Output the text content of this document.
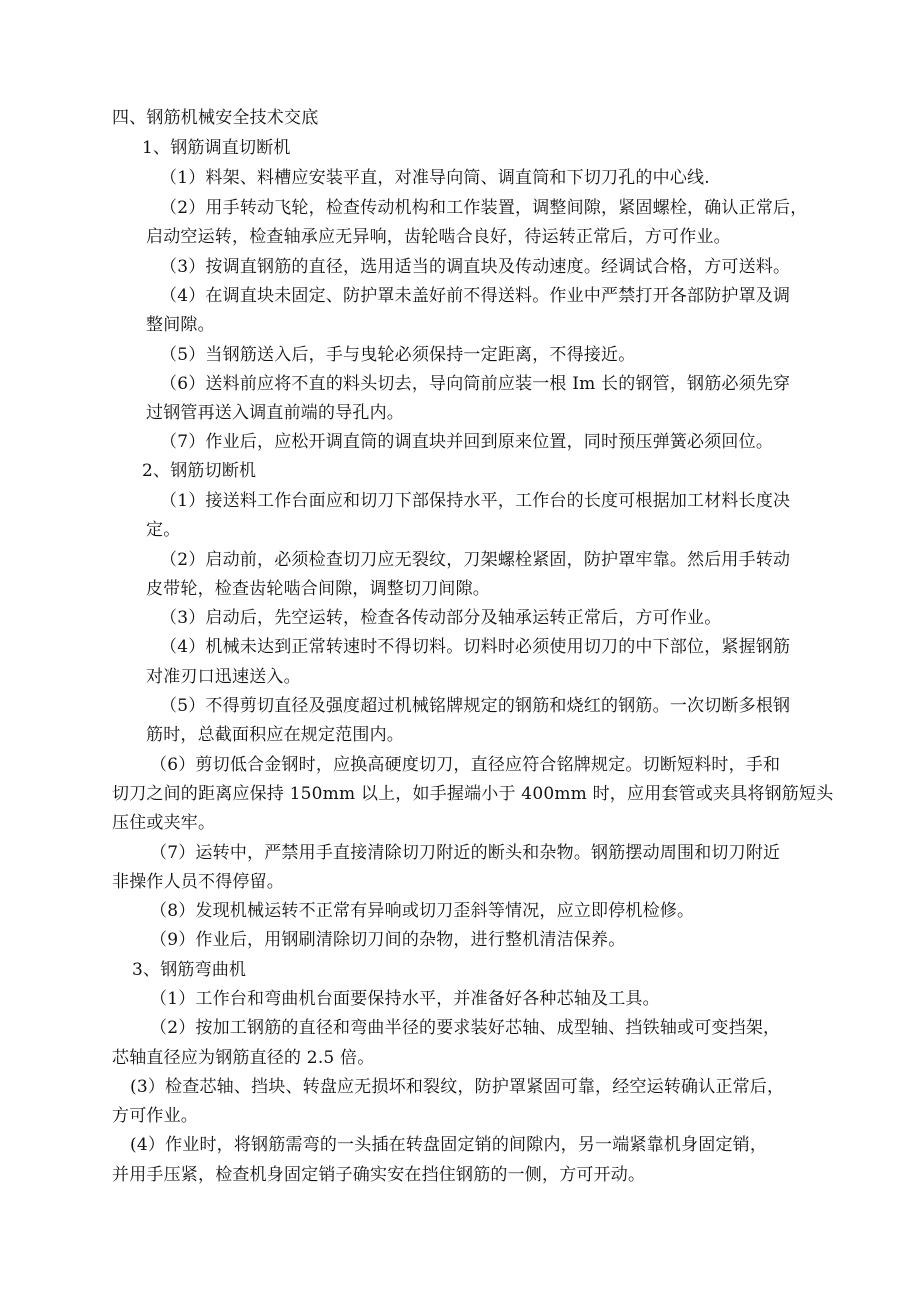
四、钢筋机械安全技术交底
1、钢筋调直切断机
（1）料架、料槽应安装平直，对准导向筒、调直筒和下切刀孔的中心线.
（2）用手转动飞轮，检查传动机构和工作装置，调整间隙，紧固螺栓，确认正常后，
启动空运转，检查轴承应无异响，齿轮啮合良好，待运转正常后，方可作业。
（3）按调直钢筋的直径，选用适当的调直块及传动速度。经调试合格，方可送料。
（4）在调直块未固定、防护罩未盖好前不得送料。作业中严禁打开各部防护罩及调
整间隙。
（5）当钢筋送入后，手与曳轮必须保持一定距离，不得接近。
（6）送料前应将不直的料头切去，导向筒前应装一根 Im 长的钢管，钢筋必须先穿
过钢管再送入调直前端的导孔内。
（7）作业后，应松开调直筒的调直块并回到原来位置，同时预压弹簧必须回位。
2、钢筋切断机
（1）接送料工作台面应和切刀下部保持水平，工作台的长度可根据加工材料长度决
定。
（2）启动前，必须检查切刀应无裂纹，刀架螺栓紧固，防护罩牢靠。然后用手转动
皮带轮，检查齿轮啮合间隙，调整切刀间隙。
（3）启动后，先空运转，检查各传动部分及轴承运转正常后，方可作业。
（4）机械未达到正常转速时不得切料。切料时必须使用切刀的中下部位，紧握钢筋
对准刃口迅速送入。
（5）不得剪切直径及强度超过机械铭牌规定的钢筋和烧红的钢筋。一次切断多根钢
筋时，总截面积应在规定范围内。
（6）剪切低合金钢时，应换高硬度切刀，直径应符合铭牌规定。切断短料时，手和
切刀之间的距离应保持 150mm 以上，如手握端小于 400mm 时，应用套管或夹具将钢筋短头
压住或夹牢。
（7）运转中，严禁用手直接清除切刀附近的断头和杂物。钢筋摆动周围和切刀附近
非操作人员不得停留。
（8）发现机械运转不正常有异响或切刀歪斜等情况，应立即停机检修。
（9）作业后，用钢刷清除切刀间的杂物，进行整机清洁保养。
3、钢筋弯曲机
（1）工作台和弯曲机台面要保持水平，并准备好各种芯轴及工具。
（2）按加工钢筋的直径和弯曲半径的要求装好芯轴、成型轴、挡铁轴或可变挡架，
芯轴直径应为钢筋直径的 2.5 倍。
(3）检查芯轴、挡块、转盘应无损坏和裂纹，防护罩紧固可靠，经空运转确认正常后，
方可作业。
(4）作业时，将钢筋需弯的一头插在转盘固定销的间隙内，另一端紧靠机身固定销，
并用手压紧，检查机身固定销子确实安在挡住钢筋的一侧，方可开动。
